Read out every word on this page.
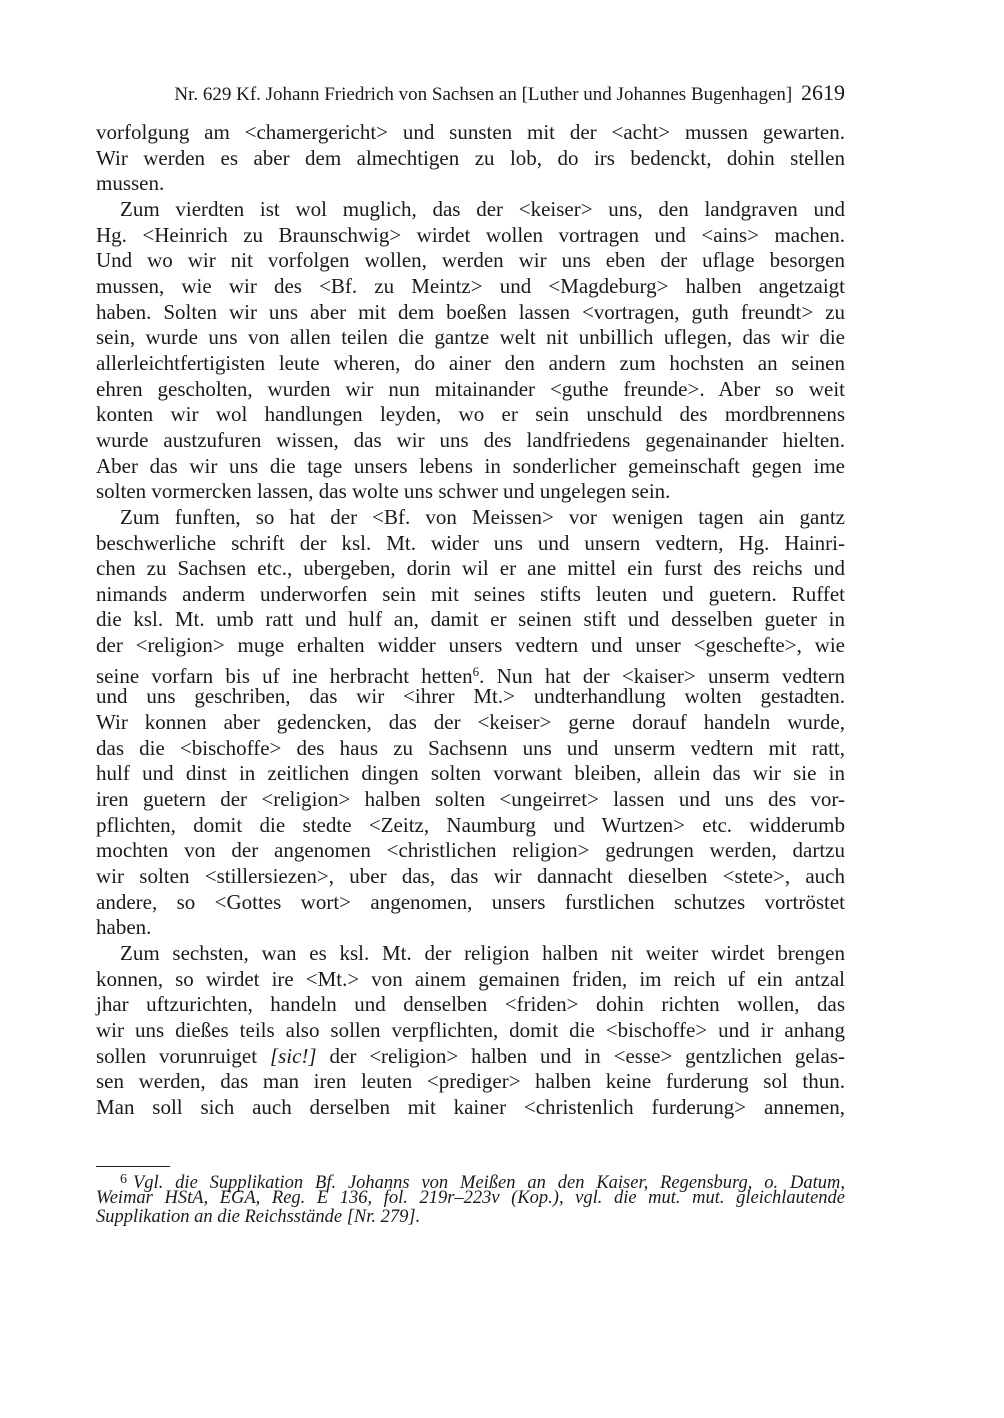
Nr. 629 Kf. Johann Friedrich von Sachsen an [Luther und Johannes Bugenhagen] 2619
vorfolgung am <chamergericht> und sunsten mit der <acht> mussen gewarten.
Wir werden es aber dem almechtigen zu lob, do irs bedenckt, dohin stellen
mussen.
Zum vierdten ist wol muglich, das der <keiser> uns, den landgraven und
Hg. <Heinrich zu Braunschwig> wirdet wollen vortragen und <ains> machen.
Und wo wir nit vorfolgen wollen, werden wir uns eben der uflage besorgen
mussen, wie wir des <Bf. zu Meintz> und <Magdeburg> halben angetzaigt
haben. Solten wir uns aber mit dem boeßen lassen <vortragen, guth freundt> zu
sein, wurde uns von allen teilen die gantze welt nit unbillich uflegen, das wir die
allerleichtfertigisten leute wheren, do ainer den andern zum hochsten an seinen
ehren gescholten, wurden wir nun mitainander <guthe freunde>. Aber so weit
konten wir wol handlungen leyden, wo er sein unschuld des mordbrennens
wurde austzufuren wissen, das wir uns des landfriedens gegenainander hielten.
Aber das wir uns die tage unsers lebens in sonderlicher gemeinschaft gegen ime
solten vormercken lassen, das wolte uns schwer und ungelegen sein.
Zum funften, so hat der <Bf. von Meissen> vor wenigen tagen ain gantz
beschwerliche schrift der ksl. Mt. wider uns und unsern vedtern, Hg. Hainri-
chen zu Sachsen etc., ubergeben, dorin wil er ane mittel ein furst des reichs und
nimands anderm underworfen sein mit seines stifts leuten und guetern. Ruffet
die ksl. Mt. umb ratt und hulf an, damit er seinen stift und desselben gueter in
der <religion> muge erhalten widder unsers vedtern und unser <geschefte>, wie
seine vorfarn bis uf ine herbracht hetten$^6$. Nun hat der <kaiser> unserm vedtern
und uns geschriben, das wir <ihrer Mt.> undterhandlung wolten gestadten.
Wir konnen aber gedencken, das der <keiser> gerne dorauf handeln wurde,
das die <bischoffe> des haus zu Sachsenn uns und unserm vedtern mit ratt,
hulf und dinst in zeitlichen dingen solten vorwant bleiben, allein das wir sie in
iren guetern der <religion> halben solten <ungeirret> lassen und uns des vor-
pflichten, domit die stedte <Zeitz, Naumburg und Wurtzen> etc. widderumb
mochten von der angenomen <christlichen religion> gedrungen werden, dartzu
wir solten <stillersiezen>, uber das, das wir dannacht dieselben <stete>, auch
andere, so <Gottes wort> angenomen, unsers furstlichen schutzes vortröstet
haben.
Zum sechsten, wan es ksl. Mt. der religion halben nit weiter wirdet brengen
konnen, so wirdet ire <Mt.> von ainem gemainen friden, im reich uf ein antzal
jhar uftzurichten, handeln und denselben <friden> dohin richten wollen, das
wir uns dießes teils also sollen verpflichten, domit die <bischoffe> und ir anhang
sollen vorunruiget [sic!] der <religion> halben und in <esse> gentzlichen gelas-
sen werden, das man iren leuten <prediger> halben keine furderung sol thun.
Man soll sich auch derselben mit kainer <christenlich furderung> annemen,
$^6$ Vgl. die Supplikation Bf. Johanns von Meißen an den Kaiser, Regensburg, o. Datum,
Weimar HStA, EGA, Reg. E 136, fol. 219r–223v (Kop.), vgl. die mut. mut. gleichlautende
Supplikation an die Reichsstände [Nr. 279].
